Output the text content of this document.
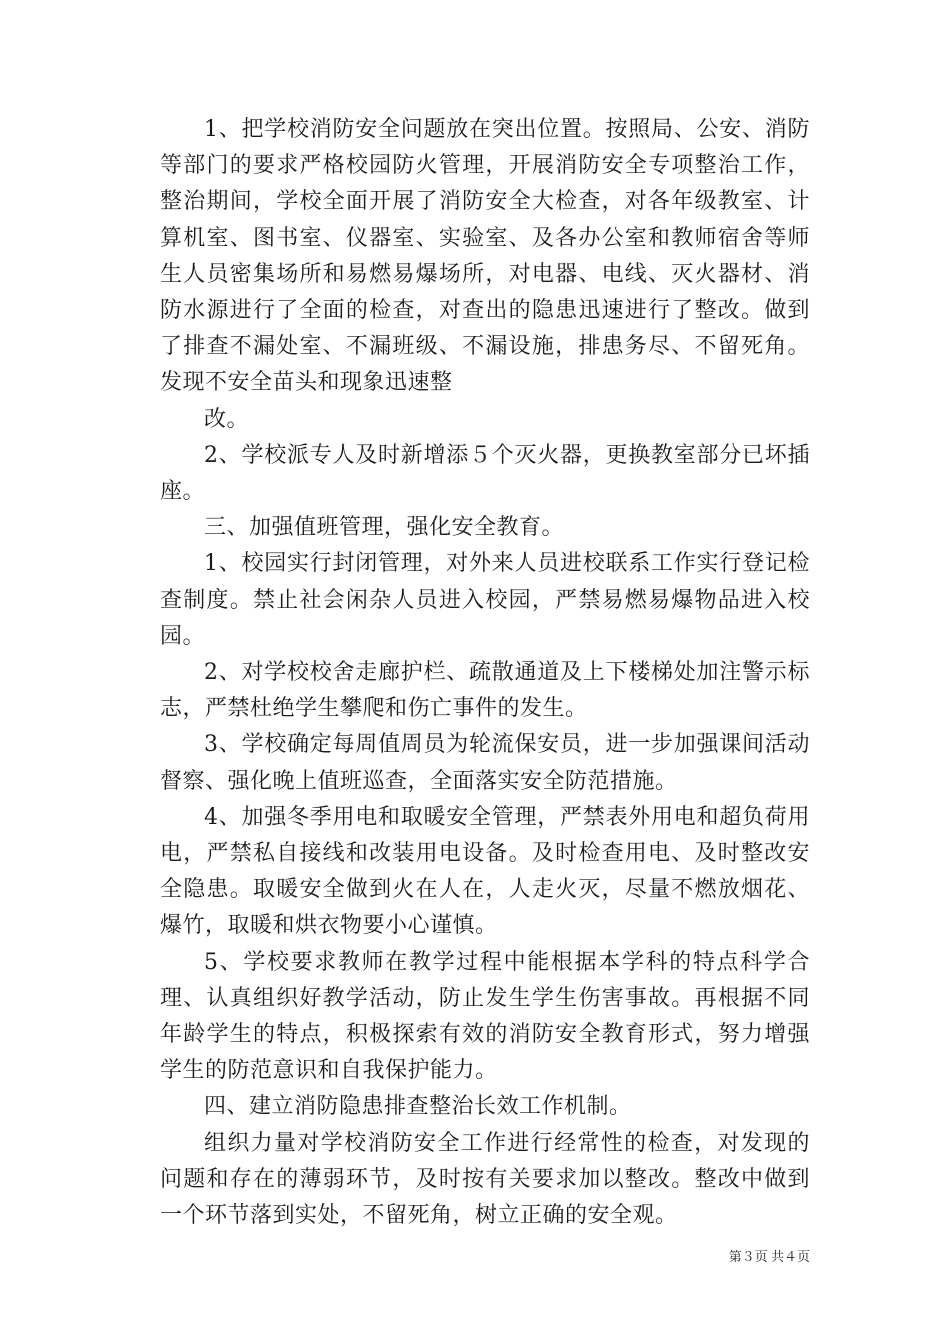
1、把学校消防安全问题放在突出位置。按照局、公安、消防等部门的要求严格校园防火管理，开展消防安全专项整治工作，整治期间，学校全面开展了消防安全大检查，对各年级教室、计算机室、图书室、仪器室、实验室、及各办公室和教师宿舍等师生人员密集场所和易燃易爆场所，对电器、电线、灭火器材、消防水源进行了全面的检查，对查出的隐患迅速进行了整改。做到了排查不漏处室、不漏班级、不漏设施，排患务尽、不留死角。发现不安全苗头和现象迅速整

改。

2、学校派专人及时新增添５个灭火器，更换教室部分已坏插座。

三、加强值班管理，强化安全教育。

1、校园实行封闭管理，对外来人员进校联系工作实行登记检查制度。禁止社会闲杂人员进入校园，严禁易燃易爆物品进入校园。

2、对学校校舍走廊护栏、疏散通道及上下楼梯处加注警示标志，严禁杜绝学生攀爬和伤亡事件的发生。

3、学校确定每周值周员为轮流保安员，进一步加强课间活动督察、强化晚上值班巡查，全面落实安全防范措施。

4、加强冬季用电和取暖安全管理，严禁表外用电和超负荷用电，严禁私自接线和改装用电设备。及时检查用电、及时整改安全隐患。取暖安全做到火在人在，人走火灭，尽量不燃放烟花、爆竹，取暖和烘衣物要小心谨慎。

5、学校要求教师在教学过程中能根据本学科的特点科学合理、认真组织好教学活动，防止发生学生伤害事故。再根据不同年龄学生的特点，积极探索有效的消防安全教育形式，努力增强学生的防范意识和自我保护能力。

四、建立消防隐患排查整治长效工作机制。

组织力量对学校消防安全工作进行经常性的检查，对发现的问题和存在的薄弱环节，及时按有关要求加以整改。整改中做到一个环节落到实处，不留死角，树立正确的安全观。

第３页 共４页
